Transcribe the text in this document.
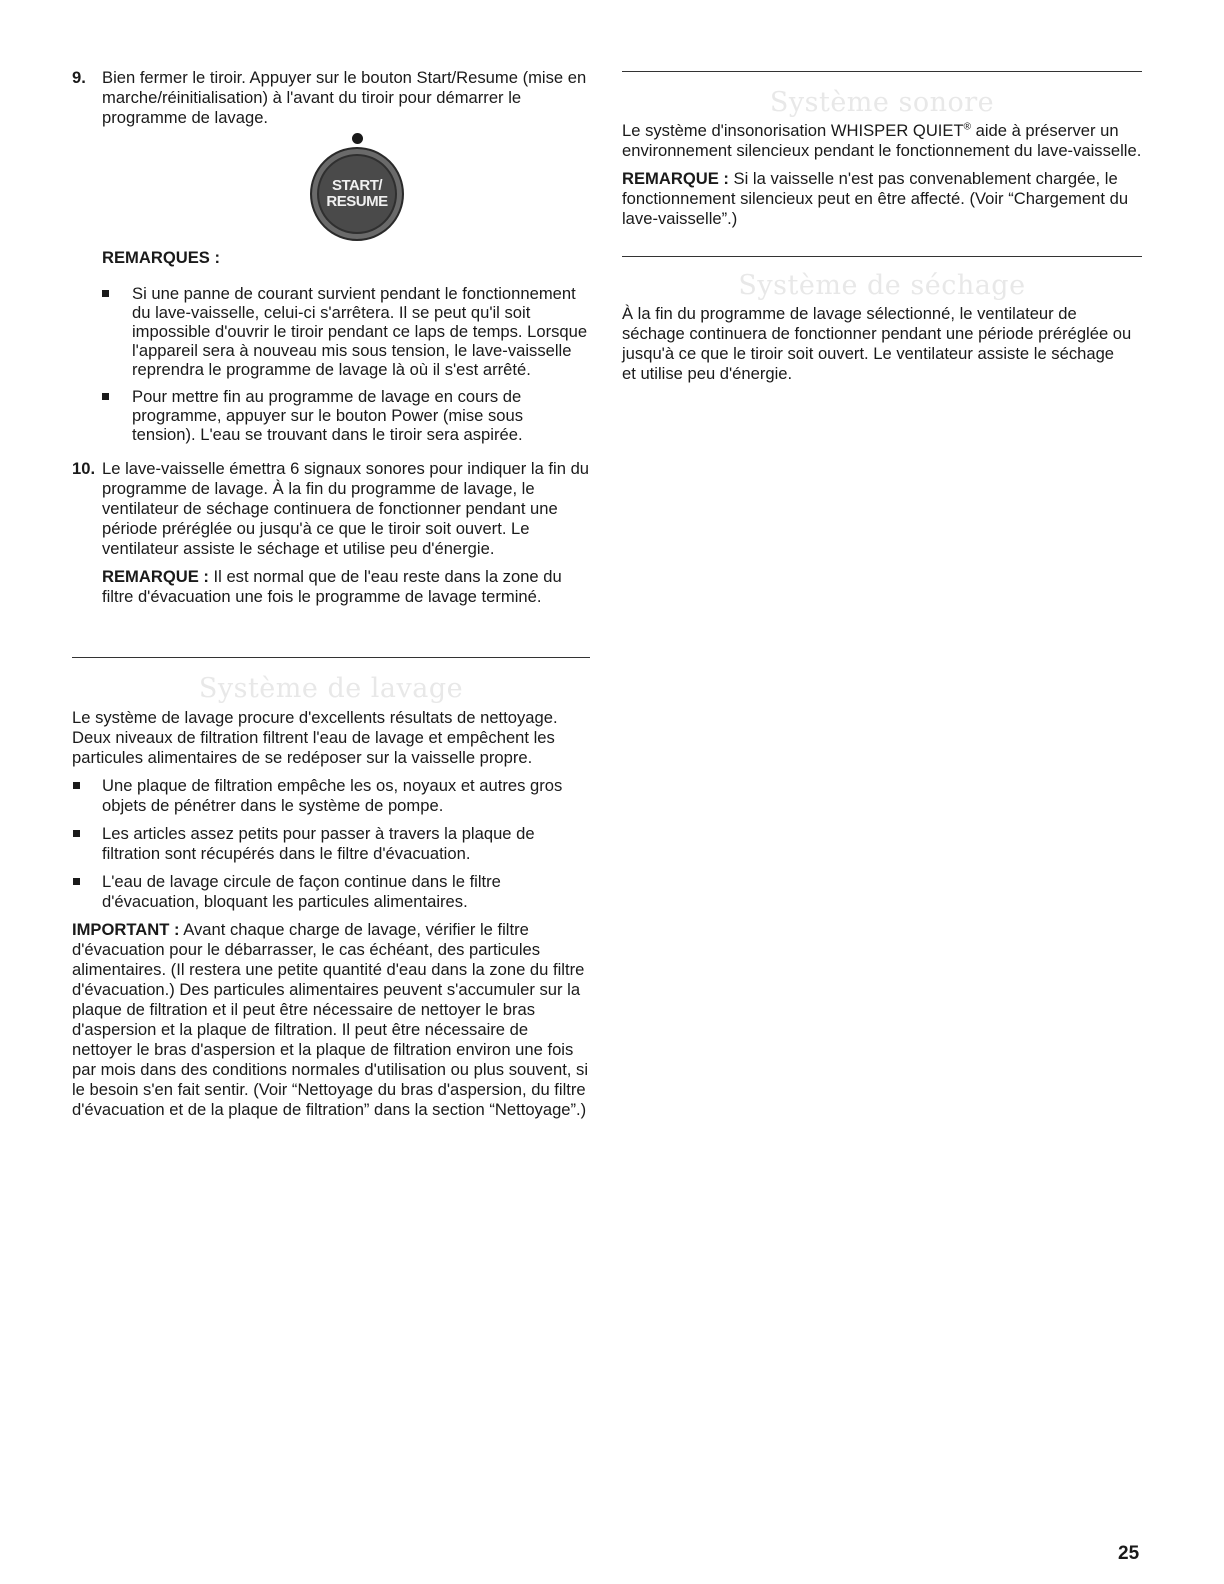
9. Bien fermer le tiroir. Appuyer sur le bouton Start/Resume (mise en marche/réinitialisation) à l'avant du tiroir pour démarrer le programme de lavage.

START/ RESUME

REMARQUES :

Si une panne de courant survient pendant le fonctionnement du lave-vaisselle, celui-ci s'arrêtera. Il se peut qu'il soit impossible d'ouvrir le tiroir pendant ce laps de temps. Lorsque l'appareil sera à nouveau mis sous tension, le lave-vaisselle reprendra le programme de lavage là où il s'est arrêté.

Pour mettre fin au programme de lavage en cours de programme, appuyer sur le bouton Power (mise sous tension). L'eau se trouvant dans le tiroir sera aspirée.

10. Le lave-vaisselle émettra 6 signaux sonores pour indiquer la fin du programme de lavage. À la fin du programme de lavage, le ventilateur de séchage continuera de fonctionner pendant une période préréglée ou jusqu'à ce que le tiroir soit ouvert. Le ventilateur assiste le séchage et utilise peu d'énergie.

REMARQUE : Il est normal que de l'eau reste dans la zone du filtre d'évacuation une fois le programme de lavage terminé.

Système de lavage

Le système de lavage procure d'excellents résultats de nettoyage. Deux niveaux de filtration filtrent l'eau de lavage et empêchent les particules alimentaires de se redéposer sur la vaisselle propre.

Une plaque de filtration empêche les os, noyaux et autres gros objets de pénétrer dans le système de pompe.

Les articles assez petits pour passer à travers la plaque de filtration sont récupérés dans le filtre d'évacuation.

L'eau de lavage circule de façon continue dans le filtre d'évacuation, bloquant les particules alimentaires.

IMPORTANT : Avant chaque charge de lavage, vérifier le filtre d'évacuation pour le débarrasser, le cas échéant, des particules alimentaires. (Il restera une petite quantité d'eau dans la zone du filtre d'évacuation.) Des particules alimentaires peuvent s'accumuler sur la plaque de filtration et il peut être nécessaire de nettoyer le bras d'aspersion et la plaque de filtration. Il peut être nécessaire de nettoyer le bras d'aspersion et la plaque de filtration environ une fois par mois dans des conditions normales d'utilisation ou plus souvent, si le besoin s'en fait sentir. (Voir “Nettoyage du bras d'aspersion, du filtre d'évacuation et de la plaque de filtration” dans la section “Nettoyage”.)

Système sonore

Le système d'insonorisation WHISPER QUIET® aide à préserver un environnement silencieux pendant le fonctionnement du lave-vaisselle.

REMARQUE : Si la vaisselle n'est pas convenablement chargée, le fonctionnement silencieux peut en être affecté. (Voir “Chargement du lave-vaisselle”.)

Système de séchage

À la fin du programme de lavage sélectionné, le ventilateur de séchage continuera de fonctionner pendant une période préréglée ou jusqu'à ce que le tiroir soit ouvert. Le ventilateur assiste le séchage et utilise peu d'énergie.

25
